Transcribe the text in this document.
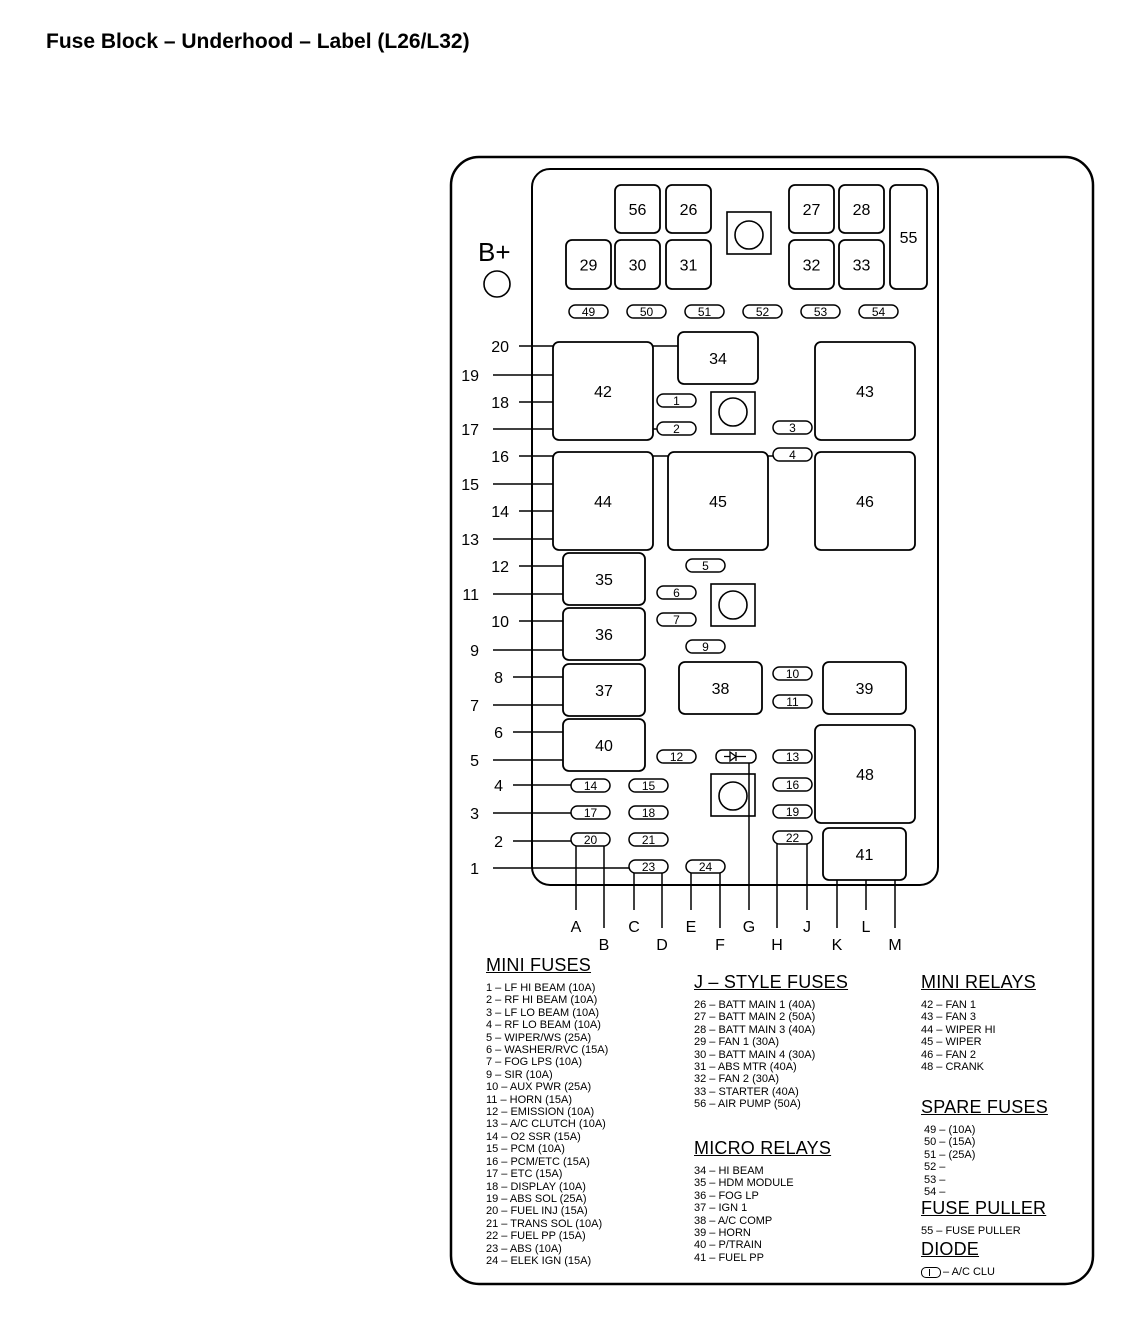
Fuse Block – Underhood – Label (L26/L32)
B+
56 26	27 28
55
29 30 31	32 33
34
42	43
44	45	46
35
36
37	38	39
40
48
41
49	50	51	52	53	54
1
2	3
4
5
6
7
9
10
11
12	13
14	15	16
17	18	19
20	21	22
23	24
20
19
18
17
16
15
14
13
12
11
10
9
8
7
6
5
4
3
2
1
A
B
C
D
E
F
G
H
J
K
L
M
MINI FUSES
1 – LF HI BEAM (10A)
2 – RF HI BEAM (10A)
3 – LF LO BEAM (10A)
4 – RF LO BEAM (10A)
5 – WIPER/WS (25A)
6 – WASHER/RVC (15A)
7 – FOG LPS (10A)
9 – SIR (10A)
10 – AUX PWR (25A)
11 – HORN (15A)
12 – EMISSION (10A)
13 – A/C CLUTCH (10A)
14 – O2 SSR (15A)
15 – PCM (10A)
16 – PCM/ETC (15A)
17 – ETC (15A)
18 – DISPLAY (10A)
19 – ABS SOL (25A)
20 – FUEL INJ (15A)
21 – TRANS SOL (10A)
22 – FUEL PP (15A)
23 – ABS (10A)
24 – ELEK IGN (15A)
J – STYLE FUSES
26 – BATT MAIN 1 (40A)
27 – BATT MAIN 2 (50A)
28 – BATT MAIN 3 (40A)
29 – FAN 1 (30A)
30 – BATT MAIN 4 (30A)
31 – ABS MTR (40A)
32 – FAN 2 (30A)
33 – STARTER (40A)
56 – AIR PUMP (50A)
MICRO RELAYS
34 – HI BEAM
35 – HDM MODULE
36 – FOG LP
37 – IGN 1
38 – A/C COMP
39 – HORN
40 – P/TRAIN
41 – FUEL PP
MINI RELAYS
42 – FAN 1
43 – FAN 3
44 – WIPER HI
45 – WIPER
46 – FAN 2
48 – CRANK
SPARE FUSES
49 – (10A)
50 – (15A)
51 – (25A)
52 –
53 –
54 –
FUSE PULLER
55 – FUSE PULLER
DIODE
– A/C CLU
